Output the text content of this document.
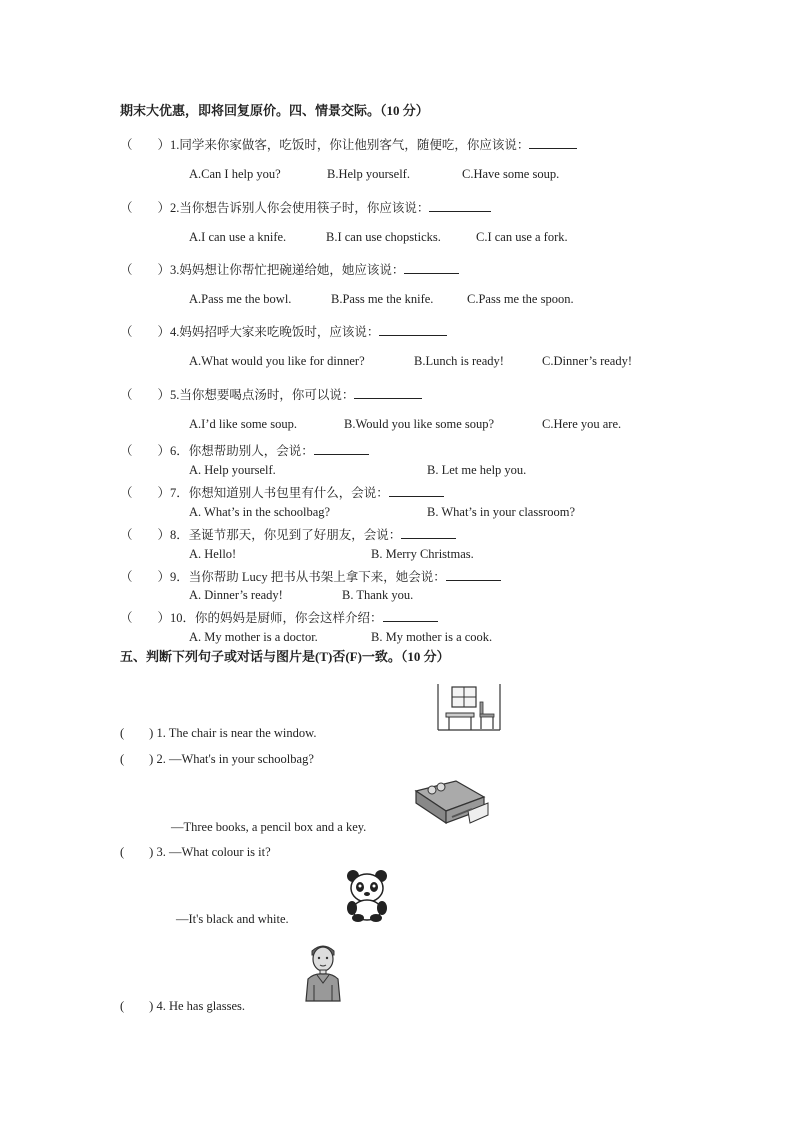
期末大优惠，即将回复原价。四、情景交际。（10 分）
（　　）1.同学来你家做客，吃饭时，你让他别客气，随便吃，你应该说：
A.Can I help you?	B.Help yourself.	C.Have some soup.
（　　）2.当你想告诉别人你会使用筷子时，你应该说：
A.I can use a knife.	B.I can use chopsticks.	C.I can use a fork.
（　　）3.妈妈想让你帮忙把碗递给她，她应该说：
A.Pass me the bowl.	B.Pass me the knife.	C.Pass me the spoon.
（　　）4.妈妈招呼大家来吃晚饭时，应该说：
A.What would you like for dinner?	B.Lunch is ready!	C.Dinner’s ready!
（　　）5.当你想要喝点汤时，你可以说：
A.I’d like some soup.	B.Would you like some soup?	C.Here you are.
（　　）6．你想帮助别人，会说：
A. Help yourself.	B. Let me help you.
（　　）7．你想知道别人书包里有什么，会说：
A. What’s in the schoolbag?	B. What’s in your classroom?
（　　）8．圣诞节那天，你见到了好朋友，会说：
A. Hello!	B. Merry Christmas.
（　　）9．当你帮助 Lucy 把书从书架上拿下来，她会说：
A. Dinner’s ready!	B. Thank you.
（　　）10．你的妈妈是厨师，你会这样介绍：
A. My mother is a doctor.	B. My mother is a cook.
五、判断下列句子或对话与图片是(T)否(F)一致。（10 分）
(　　) 1. The chair is near the window.
(　　) 2. —What's in your schoolbag?
—Three books, a pencil box and a key.
(　　) 3. —What colour is it?
—It's black and white.
(　　) 4. He has glasses.
